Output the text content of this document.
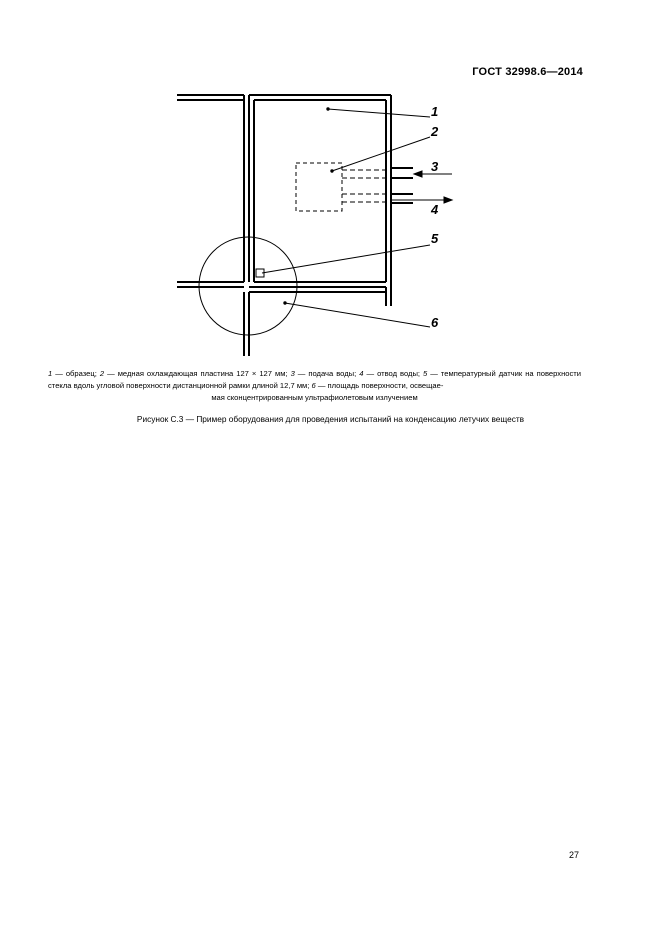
ГОСТ 32998.6—2014
1
2
3
4
5
6
1 — образец; 2 — медная охлаждающая пластина 127 × 127 мм; 3 — подача воды; 4 — отвод воды; 5 — температурный датчик на поверхности стекла вдоль угловой поверхности дистанционной рамки длиной 12,7 мм; 6 — площадь поверхности, освещае-
мая сконцентрированным ультрафиолетовым излучением
Рисунок С.3 — Пример оборудования для проведения испытаний на конденсацию летучих веществ
27
